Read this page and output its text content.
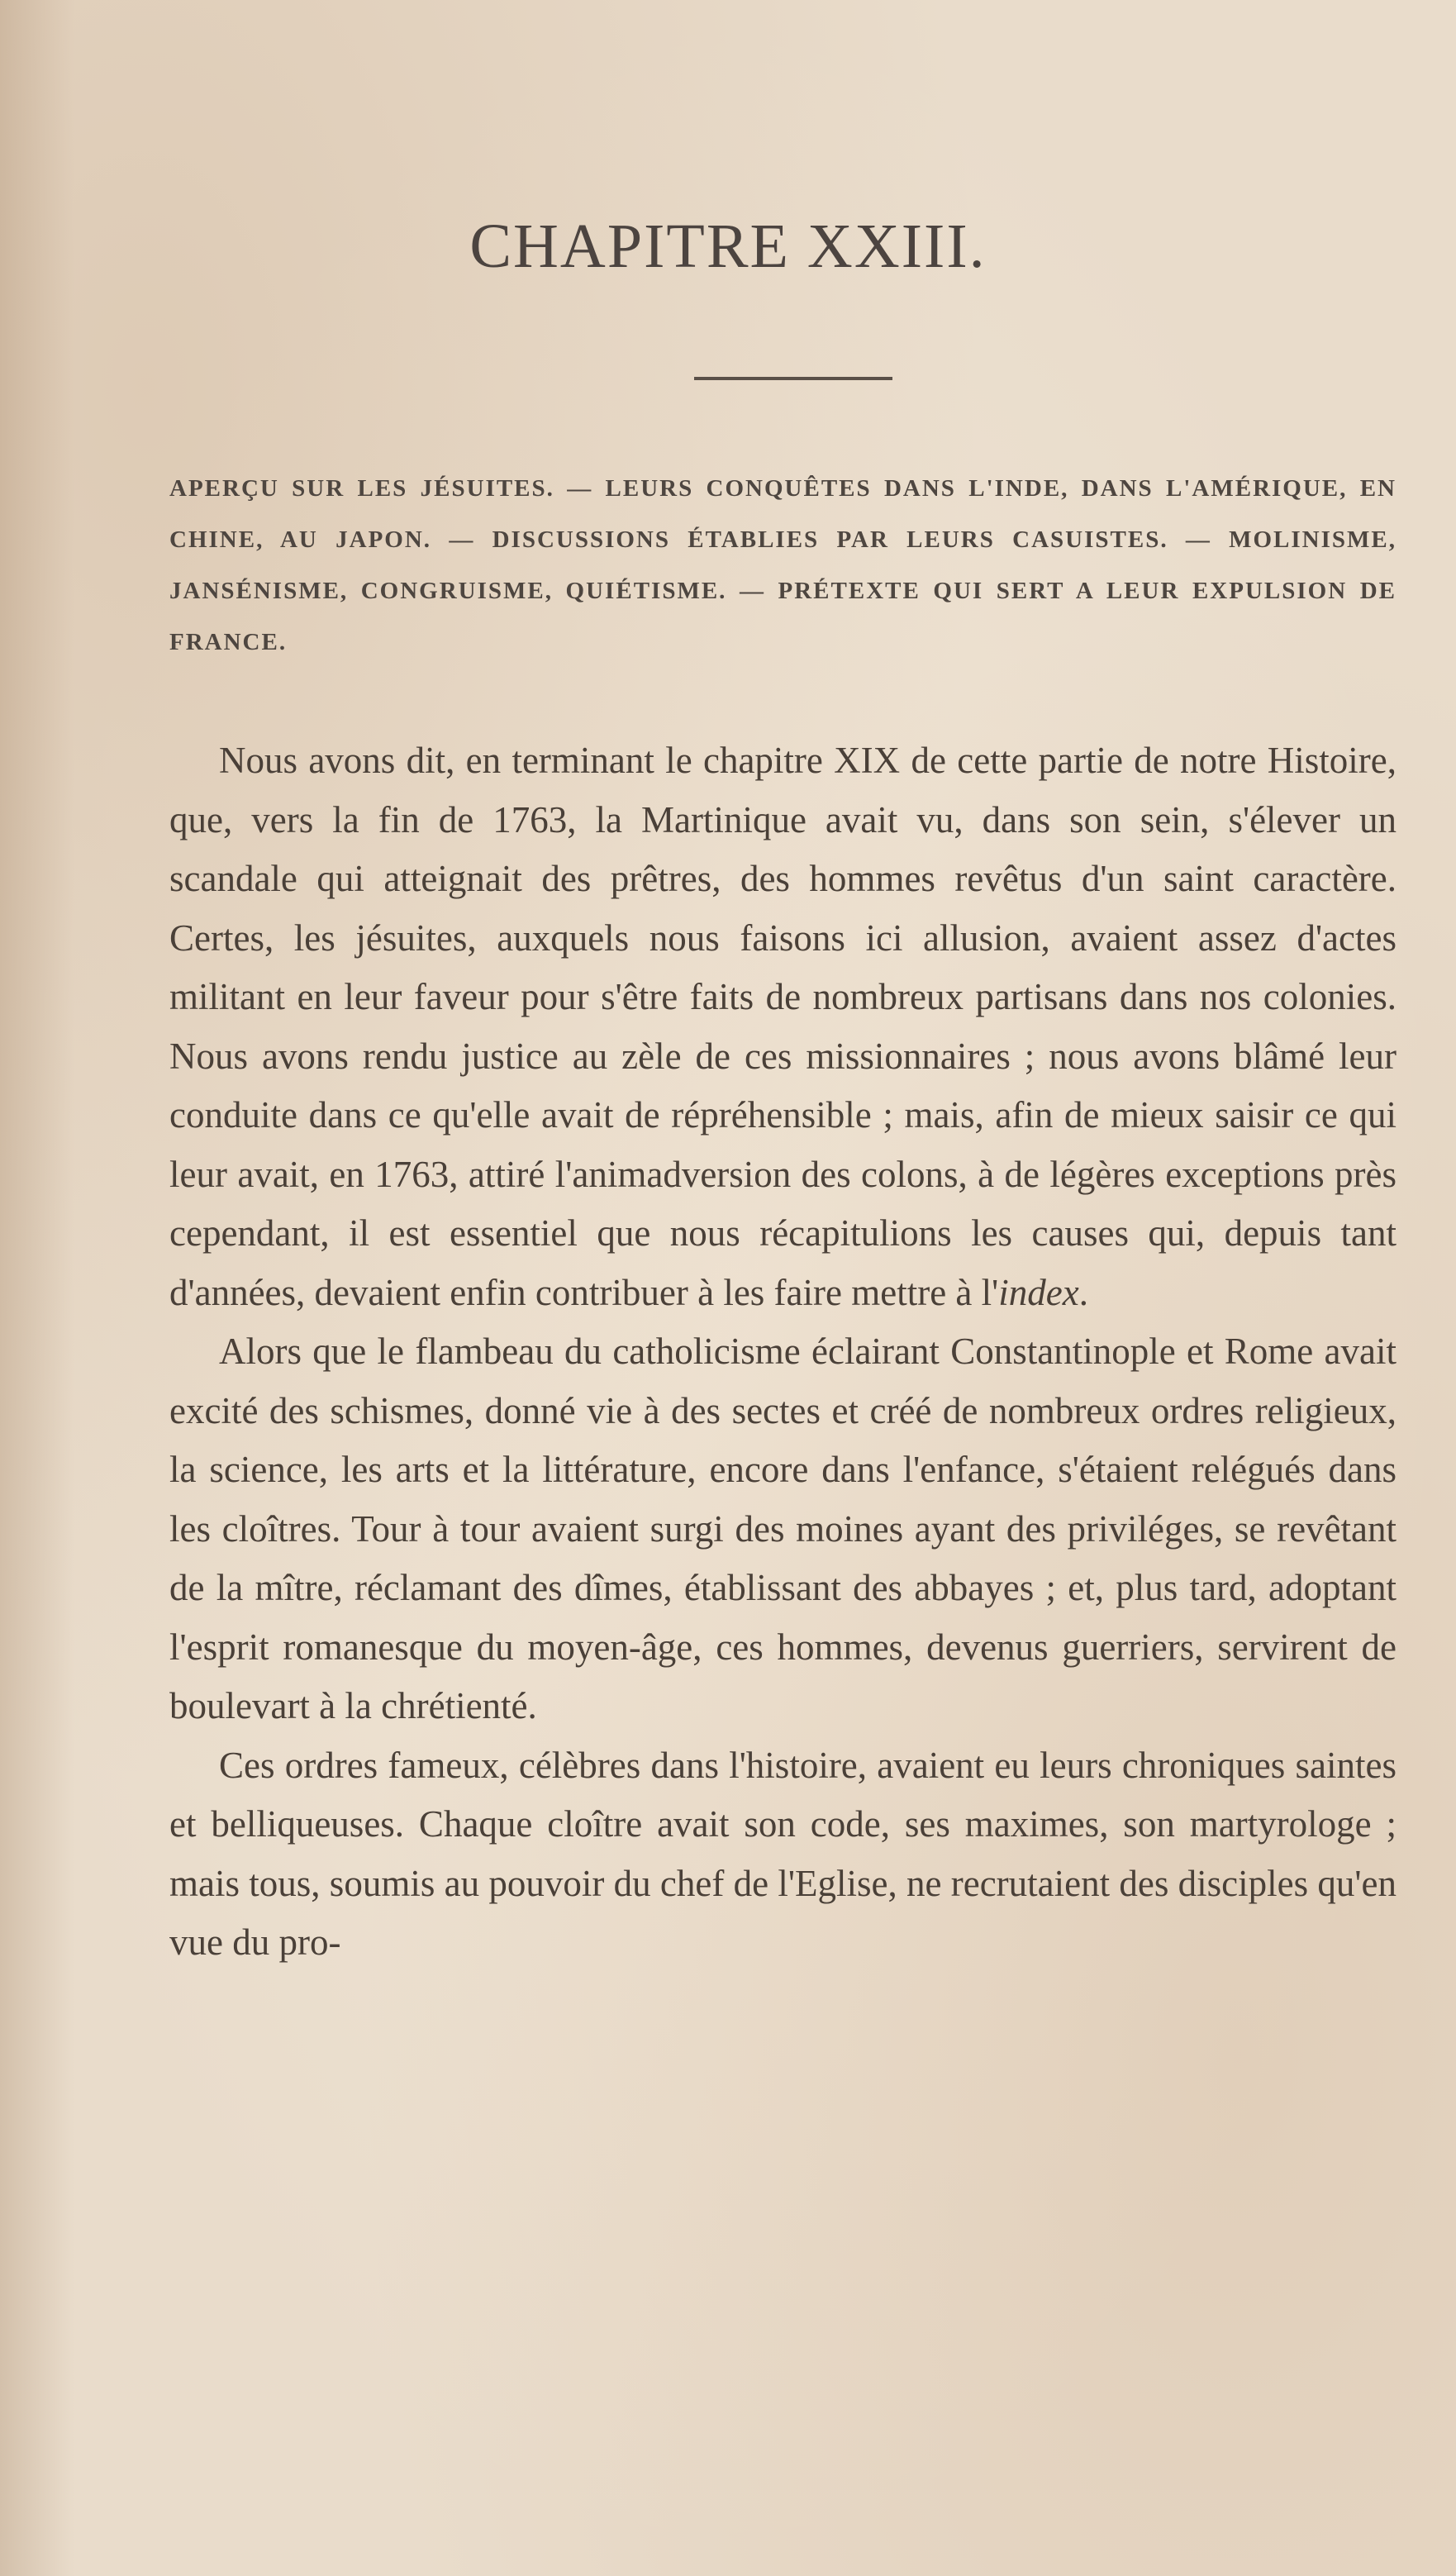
CHAPITRE XXIII.

APERÇU SUR LES JÉSUITES. — LEURS CONQUÊTES DANS L'INDE, DANS L'AMÉRIQUE, EN CHINE, AU JAPON. — DISCUSSIONS ÉTABLIES PAR LEURS CASUISTES. — MOLINISME, JANSÉNISME, CONGRUISME, QUIÉTISME. — PRÉTEXTE QUI SERT A LEUR EXPULSION DE FRANCE.

Nous avons dit, en terminant le chapitre XIX de cette partie de notre Histoire, que, vers la fin de 1763, la Martinique avait vu, dans son sein, s'élever un scandale qui atteignait des prêtres, des hommes revêtus d'un saint caractère. Certes, les jésuites, auxquels nous faisons ici allusion, avaient assez d'actes militant en leur faveur pour s'être faits de nombreux partisans dans nos colonies. Nous avons rendu justice au zèle de ces missionnaires ; nous avons blâmé leur conduite dans ce qu'elle avait de répréhensible ; mais, afin de mieux saisir ce qui leur avait, en 1763, attiré l'animadversion des colons, à de légères exceptions près cependant, il est essentiel que nous récapitulions les causes qui, depuis tant d'années, devaient enfin contribuer à les faire mettre à l'index.

Alors que le flambeau du catholicisme éclairant Constantinople et Rome avait excité des schismes, donné vie à des sectes et créé de nombreux ordres religieux, la science, les arts et la littérature, encore dans l'enfance, s'étaient relégués dans les cloîtres. Tour à tour avaient surgi des moines ayant des priviléges, se revêtant de la mître, réclamant des dîmes, établissant des abbayes ; et, plus tard, adoptant l'esprit romanesque du moyen-âge, ces hommes, devenus guerriers, servirent de boulevart à la chrétienté.

Ces ordres fameux, célèbres dans l'histoire, avaient eu leurs chroniques saintes et belliqueuses. Chaque cloître avait son code, ses maximes, son martyrologe ; mais tous, soumis au pouvoir du chef de l'Eglise, ne recrutaient des disciples qu'en vue du pro-
